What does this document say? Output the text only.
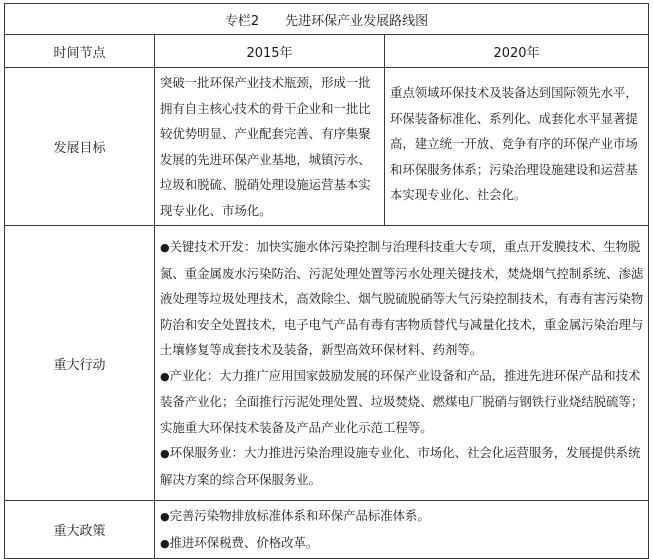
专栏2　　先进环保产业发展路线图		
时间节点	2015年	2020年
发展目标	突破一批环保产业技术瓶颈，形成一批拥有自主核心技术的骨干企业和一批比较优势明显、产业配套完善、有序集聚发展的先进环保产业基地，城镇污水、垃圾和脱硫、脱硝处理设施运营基本实现专业化、市场化。	重点领域环保技术及装备达到国际领先水平，环保装备标准化、系列化、成套化水平显著提高，建立统一开放、竞争有序的环保产业市场和环保服务体系；污染治理设施建设和运营基本实现专业化、社会化。
重大行动	●关键技术开发：加快实施水体污染控制与治理科技重大专项，重点开发膜技术、生物脱氮、重金属废水污染防治、污泥处理处置等污水处理关键技术，焚烧烟气控制系统、渗滤液处理等垃圾处理技术，高效除尘、烟气脱硫脱硝等大气污染控制技术，有毒有害污染物防治和安全处置技术，电子电气产品有毒有害物质替代与减量化技术，重金属污染治理与土壤修复等成套技术及装备，新型高效环保材料、药剂等。

●产业化：大力推广应用国家鼓励发展的环保产业设备和产品，推进先进环保产品和技术装备产业化；全面推行污泥处理处置、垃圾焚烧、燃煤电厂脱硝与钢铁行业烧结脱硫等；实施重大环保技术装备及产品产业化示范工程等。

●环保服务业：大力推进污染治理设施专业化、市场化、社会化运营服务，发展提供系统解决方案的综合环保服务业。	

重大政策	●完善污染物排放标准体系和环保产品标准体系。

●推进环保税费、价格改革。	
